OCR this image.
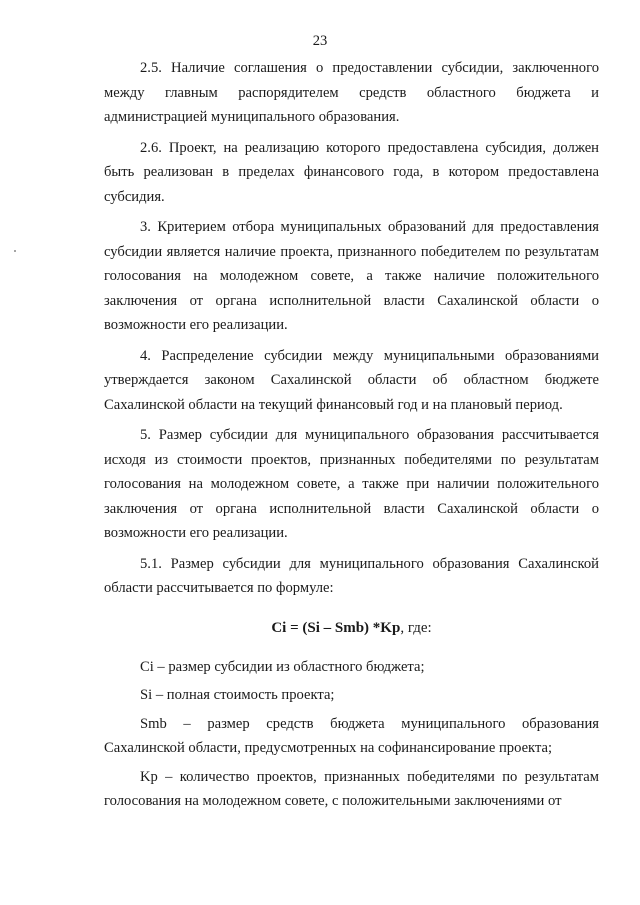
23

2.5. Наличие соглашения о предоставлении субсидии, заключенного между главным распорядителем средств областного бюджета и администрацией муниципального образования.

2.6. Проект, на реализацию которого предоставлена субсидия, должен быть реализован в пределах финансового года, в котором предоставлена субсидия.

3. Критерием отбора муниципальных образований для предоставления субсидии является наличие проекта, признанного победителем по результатам голосования на молодежном совете, а также наличие положительного заключения от органа исполнительной власти Сахалинской области о возможности его реализации.

4. Распределение субсидии между муниципальными образованиями утверждается законом Сахалинской области об областном бюджете Сахалинской области на текущий финансовый год и на плановый период.

5. Размер субсидии для муниципального образования рассчитывается исходя из стоимости проектов, признанных победителями по результатам голосования на молодежном совете, а также при наличии положительного заключения от органа исполнительной власти Сахалинской области о возможности его реализации.

5.1. Размер субсидии для муниципального образования Сахалинской области рассчитывается по формуле:

Ci = (Si – Smb) *Kp, где:

Ci – размер субсидии из областного бюджета;

Si – полная стоимость проекта;

Smb – размер средств бюджета муниципального образования Сахалинской области, предусмотренных на софинансирование проекта;

Kp – количество проектов, признанных победителями по результатам голосования на молодежном совете, с положительными заключениями от
